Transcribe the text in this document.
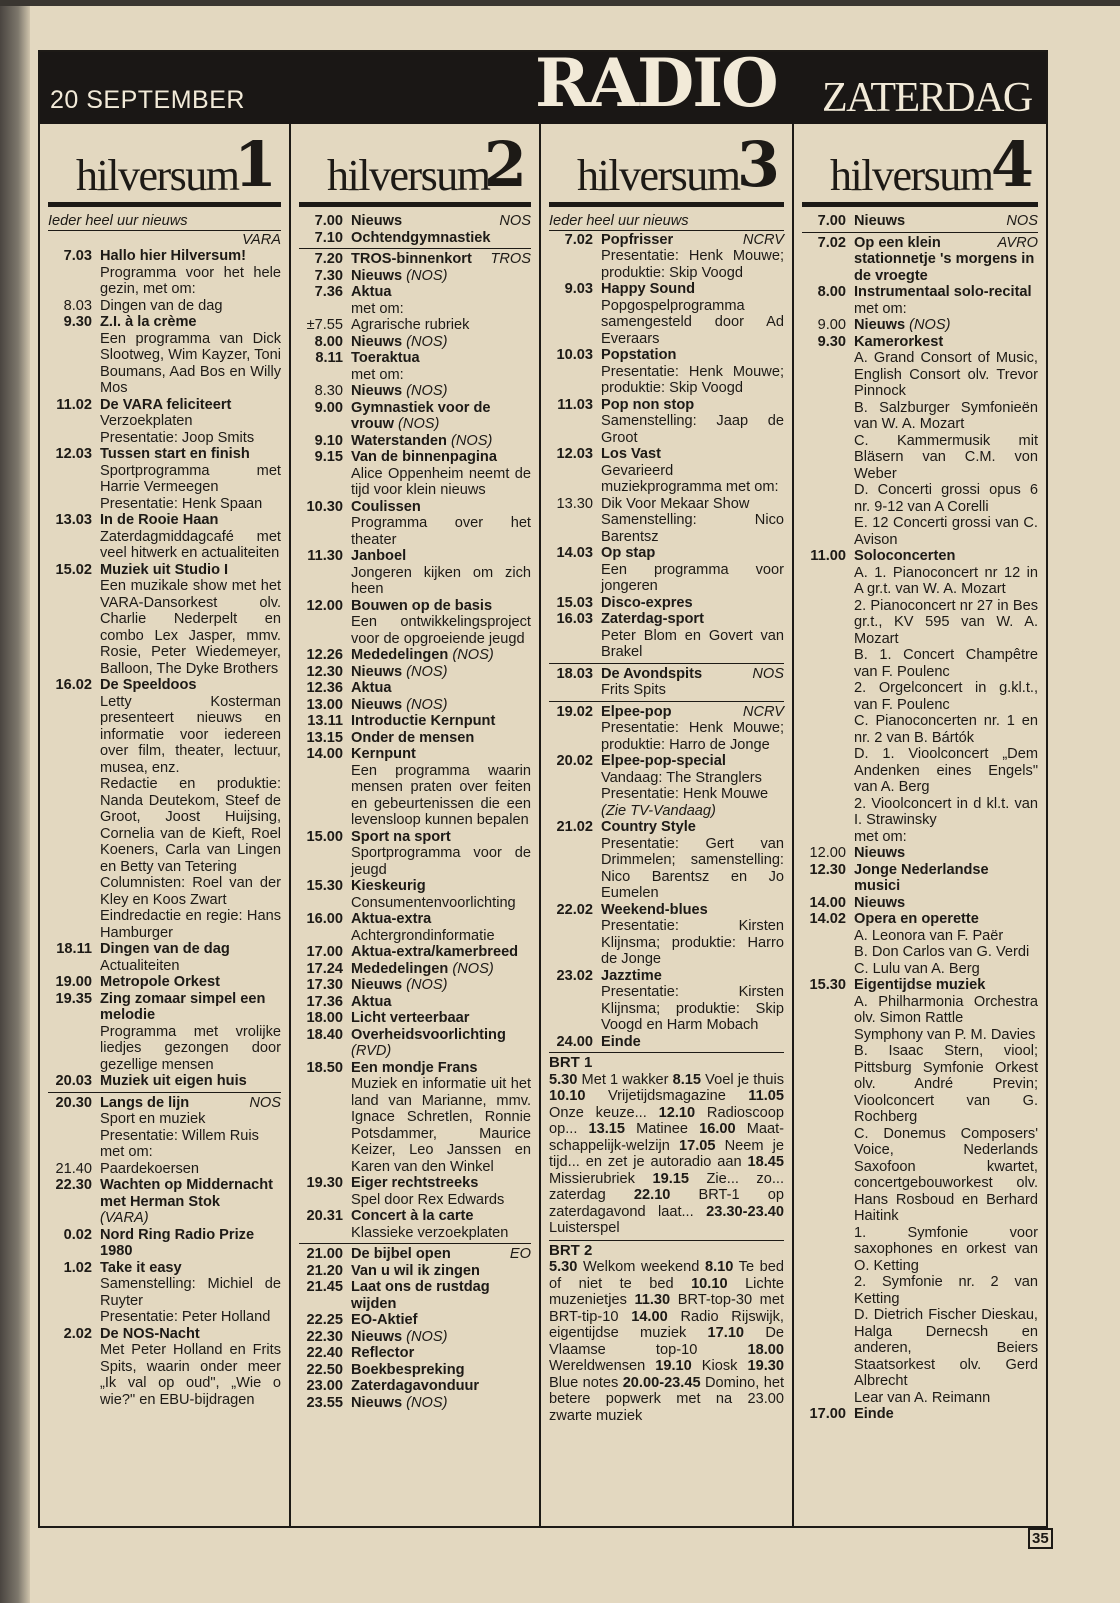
20 SEPTEMBER	RADIO ZATERDAG
hilversum
1
Ieder heel uur nieuws
VARA
7.03 Hallo hier Hilversum!
Programma voor het hele gezin, met om:
8.03 Dingen van de dag
9.30 Z.I. à la crème
Een programma van Dick Slootweg, Wim Kayzer, Toni Boumans, Aad Bos en Willy Mos
11.02 De VARA feliciteert
Verzoekplaten
Presentatie: Joop Smits
12.03 Tussen start en finish
Sportprogramma met Harrie Vermeegen
Presentatie: Henk Spaan
13.03 In de Rooie Haan
Zaterdagmiddagcafé met veel hitwerk en actualiteiten
15.02 Muziek uit Studio I
Een muzikale show met het VARA-Dansorkest olv. Charlie Nederpelt en combo Lex Jasper, mmv. Rosie, Peter Wiedemeyer, Balloon, The Dyke Brothers
16.02 De Speeldoos
Letty Kosterman presenteert nieuws en informatie voor iedereen over film, theater, lectuur, musea, enz.
Redactie en produktie: Nanda Deutekom, Steef de Groot, Joost Huijsing, Cornelia van de Kieft, Roel Koeners, Carla van Lingen en Betty van Tetering
Columnisten: Roel van der Kley en Koos Zwart
Eindredactie en regie: Hans Hamburger
18.11 Dingen van de dag
Actualiteiten
19.00 Metropole Orkest
19.35 Zing zomaar simpel een melodie
Programma met vrolijke liedjes gezongen door gezellige mensen
20.03 Muziek uit eigen huis
20.30	NOS
Langs de lijn
Sport en muziek
Presentatie: Willem Ruis
met om:
21.40 Paardekoersen
22.30 Wachten op Middernacht met Herman Stok
(VARA)
0.02 Nord Ring Radio Prize 1980
1.02 Take it easy
Samenstelling: Michiel de Ruyter
Presentatie: Peter Holland
2.02 De NOS-Nacht
Met Peter Holland en Frits Spits, waarin onder meer „Ik val op oud", „Wie o wie?" en EBU-bijdragen
hilversum
2
7.00	NOS
Nieuws
7.10 Ochtendgymnastiek
7.20	TROS
TROS-binnenkort
7.30 Nieuws (NOS)
7.36 Aktua
met om:
±7.55 Agrarische rubriek
8.00 Nieuws (NOS)
8.11 Toeraktua
met om:
8.30 Nieuws (NOS)
9.00 Gymnastiek voor de vrouw (NOS)
9.10 Waterstanden (NOS)
9.15 Van de binnenpagina
Alice Oppenheim neemt de tijd voor klein nieuws
10.30 Coulissen
Programma over het theater
11.30 Janboel
Jongeren kijken om zich heen
12.00 Bouwen op de basis
Een ontwikkelingsproject voor de opgroeiende jeugd
12.26 Mededelingen (NOS)
12.30 Nieuws (NOS)
12.36 Aktua
13.00 Nieuws (NOS)
13.11 Introductie Kernpunt
13.15 Onder de mensen
14.00 Kernpunt
Een programma waarin mensen praten over feiten en gebeurtenissen die een levensloop kunnen bepalen
15.00 Sport na sport
Sportprogramma voor de jeugd
15.30 Kieskeurig
Consumentenvoorlichting
16.00 Aktua-extra
Achtergrondinformatie
17.00 Aktua-extra/kamerbreed
17.24 Mededelingen (NOS)
17.30 Nieuws (NOS)
17.36 Aktua
18.00 Licht verteerbaar
18.40 Overheidsvoorlichting
(RVD)
18.50 Een mondje Frans
Muziek en informatie uit het land van Marianne, mmv. Ignace Schretlen, Ronnie Potsdammer, Maurice Keizer, Leo Janssen en Karen van den Winkel
19.30 Eiger rechtstreeks
Spel door Rex Edwards
20.31 Concert à la carte
Klassieke verzoekplaten
21.00	EO
De bijbel open
21.20 Van u wil ik zingen
21.45 Laat ons de rustdag wijden
22.25 EO-Aktief
22.30 Nieuws (NOS)
22.40 Reflector
22.50 Boekbespreking
23.00 Zaterdagavonduur
23.55 Nieuws (NOS)
hilversum
3
Ieder heel uur nieuws
7.02	NCRV
Popfrisser
Presentatie: Henk Mouwe; produktie: Skip Voogd
9.03 Happy Sound
Popgospelprogramma samengesteld door Ad Everaars
10.03 Popstation
Presentatie: Henk Mouwe; produktie: Skip Voogd
11.03 Pop non stop
Samenstelling: Jaap de Groot
12.03 Los Vast
Gevarieerd muziekprogramma met om:
13.30 Dik Voor Mekaar Show
Samenstelling: Nico Barentsz
14.03 Op stap
Een programma voor jongeren
15.03 Disco-expres
16.03 Zaterdag-sport
Peter Blom en Govert van Brakel
18.03	NOS
De Avondspits
Frits Spits
19.02	NCRV
Elpee-pop
Presentatie: Henk Mouwe; produktie: Harro de Jonge
20.02 Elpee-pop-special
Vandaag: The Stranglers
Presentatie: Henk Mouwe
(Zie TV-Vandaag)
21.02 Country Style
Presentatie: Gert van Drimmelen; samenstelling: Nico Barentsz en Jo Eumelen
22.02 Weekend-blues
Presentatie: Kirsten Klijnsma; produktie: Harro de Jonge
23.02 Jazztime
Presentatie: Kirsten Klijnsma; produktie: Skip Voogd en Harm Mobach
24.00 Einde
BRT 1

5.30 Met 1 wakker 8.15 Voel je thuis 10.10 Vrijetijdsmagazine 11.05 Onze keuze... 12.10 Radioscoop op... 13.15 Matinee 16.00 Maat-schappelijk-welzijn 17.05 Neem je tijd... en zet je autoradio aan 18.45 Missierubriek 19.15 Zie... zo... zaterdag 22.10 BRT-1 op zaterdagavond laat... 23.30-23.40 Luisterspel

BRT 2

5.30 Welkom weekend 8.10 Te bed of niet te bed 10.10 Lichte muzenietjes 11.30 BRT-top-30 met BRT-tip-10 14.00 Radio Rijswijk, eigentijdse muziek 17.10 De Vlaamse top-10	18.00 Wereldwensen 19.10 Kiosk 19.30 Blue notes 20.00-23.45 Domino, het betere popwerk met na 23.00 zwarte muziek

hilversum
4
7.00	NOS
Nieuws
7.02	AVRO
Op een klein stationnetje 's morgens in de vroegte
8.00 Instrumentaal solo-recital
met om:
9.00 Nieuws (NOS)
9.30 Kamerorkest
A. Grand Consort of Music, English Consort olv. Trevor Pinnock
B. Salzburger Symfonieën van W. A. Mozart
C. Kammermusik mit Bläsern van C.M. von Weber
D. Concerti grossi opus 6 nr. 9-12 van A Corelli
E. 12 Concerti grossi van C. Avison
11.00 Soloconcerten
A. 1. Pianoconcert nr 12 in A gr.t. van W. A. Mozart
2. Pianoconcert nr 27 in Bes gr.t., KV 595 van W. A. Mozart
B. 1. Concert Champêtre van F. Poulenc
2. Orgelconcert in g.kl.t., van F. Poulenc
C. Pianoconcerten nr. 1 en nr. 2 van B. Bártók
D. 1. Vioolconcert „Dem Andenken eines Engels" van A. Berg
2. Vioolconcert in d kl.t. van I. Strawinsky
met om:
12.00 Nieuws
12.30 Jonge Nederlandse musici
14.00 Nieuws
14.02 Opera en operette
A. Leonora van F. Paër
B. Don Carlos van G. Verdi
C. Lulu van A. Berg
15.30 Eigentijdse muziek
A. Philharmonia Orchestra olv. Simon Rattle
Symphony van P. M. Davies
B. Isaac Stern, viool; Pittsburg Symfonie Orkest olv. André Previn; Vioolconcert van G. Rochberg
C. Donemus Composers' Voice, Nederlands Saxofoon kwartet, concertgebouworkest olv. Hans Rosboud en Berhard Haitink
1. Symfonie voor saxophones en orkest van O. Ketting
2. Symfonie nr. 2 van Ketting
D. Dietrich Fischer Dieskau, Halga Dernecsh en anderen, Beiers Staatsorkest olv. Gerd Albrecht
Lear van A. Reimann
17.00 Einde
35
